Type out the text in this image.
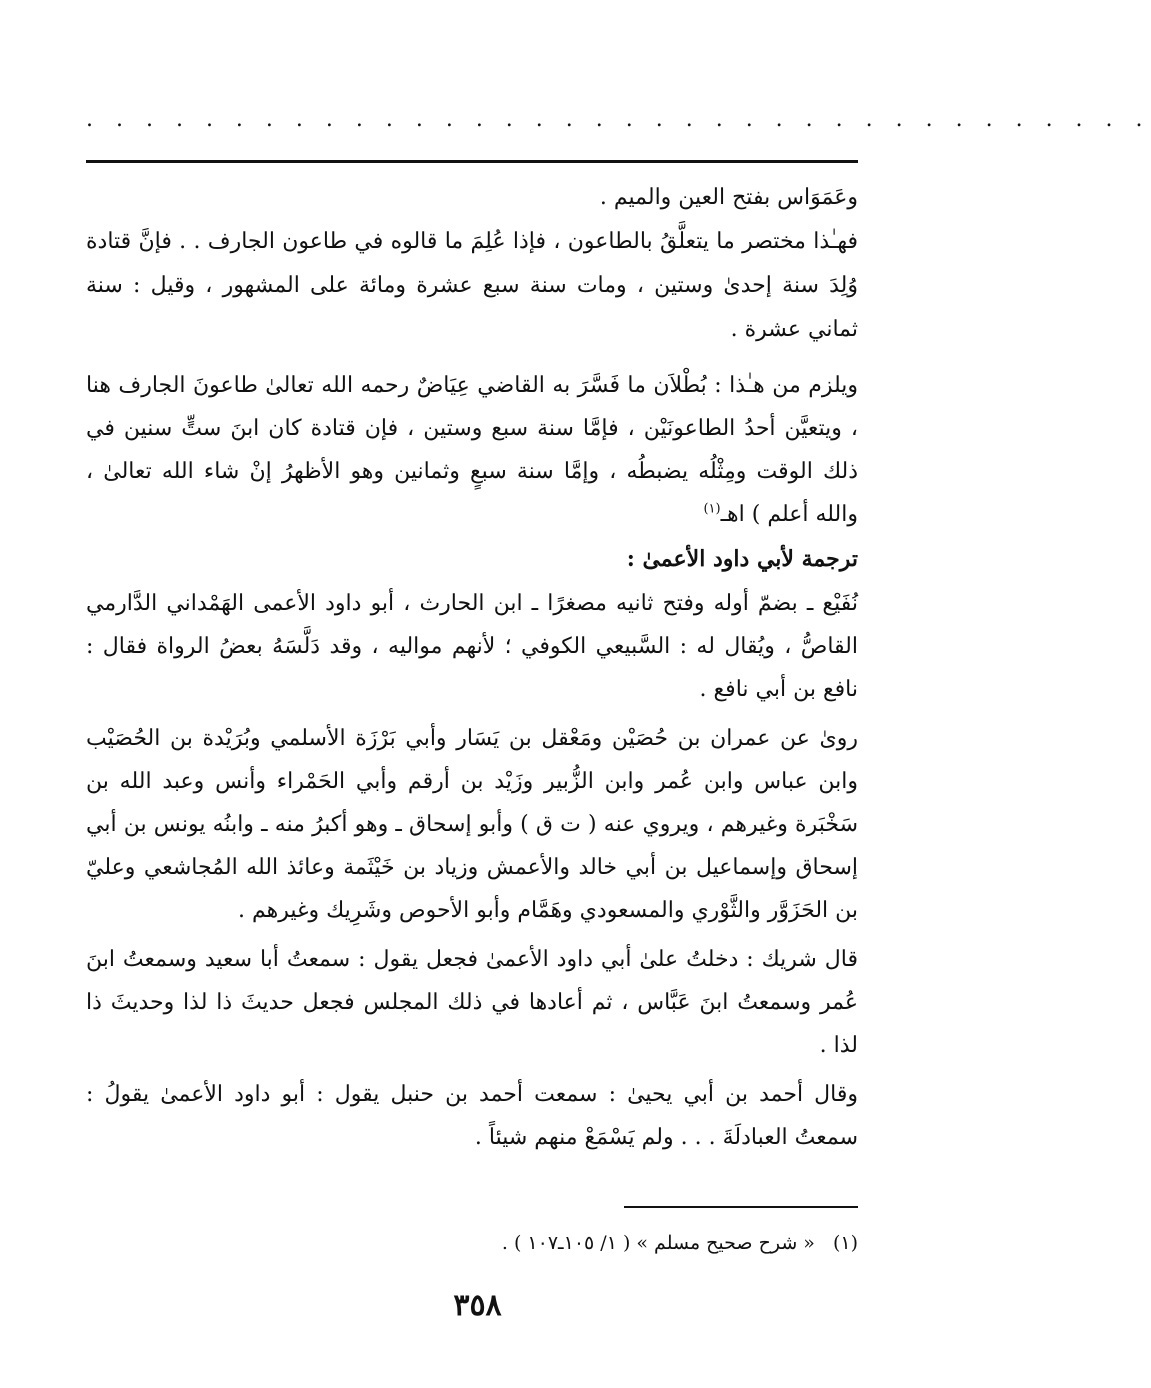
. . . . . . . . . . . . . . . . . . . . . . . . . . . . . . . . . . . .

وعَمَوَاس بفتح العين والميم .

فهـٰذا مختصر ما يتعلَّقُ بالطاعون ، فإذا عُلِمَ ما قالوه في طاعون الجارف . . فإنَّ قتادة وُلِدَ سنة إحدىٰ وستين ، ومات سنة سبع عشرة ومائة على المشهور ، وقيل : سنة ثماني عشرة .

ويلزم من هـٰذا : بُطْلاَن ما فَسَّرَ به القاضي عِيَاضٌ رحمه الله تعالىٰ طاعونَ الجارف هنا ، ويتعيَّن أحدُ الطاعونَيْن ، فإمَّا سنة سبع وستين ، فإن قتادة كان ابنَ ستٍّ سنين في ذلك الوقت ومِثْلُه يضبطُه ، وإمَّا سنة سبعٍ وثمانين وهو الأظهرُ إنْ شاء الله تعالىٰ ، والله أعلم ) اهـ$^{(١)}$

ترجمة لأبي داود الأعمىٰ :

نُفَيْع ـ بضمّ أوله وفتح ثانيه مصغرًا ـ ابن الحارث ، أبو داود الأعمى الهَمْداني الدَّارمي القاصُّ ، ويُقال له : السَّبيعي الكوفي ؛ لأنهم مواليه ، وقد دَلَّسَهُ بعضُ الرواة فقال : نافع بن أبي نافع .

روىٰ عن عمران بن حُصَيْن ومَعْقل بن يَسَار وأبي بَرْزَة الأسلمي وبُرَيْدة بن الحُصَيْب وابن عباس وابن عُمر وابن الزُّبير وزَيْد بن أرقم وأبي الحَمْراء وأنس وعبد الله بن سَخْبَرة وغيرهم ، ويروي عنه ( ت ق ) وأبو إسحاق ـ وهو أكبرُ منه ـ وابنُه يونس بن أبي إسحاق وإسماعيل بن أبي خالد والأعمش وزياد بن خَيْثَمة وعائذ الله المُجاشعي وعليّ بن الحَزَوَّر والثَّوْري والمسعودي وهَمَّام وأبو الأحوص وشَرِيك وغيرهم .

قال شريك : دخلتُ علىٰ أبي داود الأعمىٰ فجعل يقول : سمعتُ أبا سعيد وسمعتُ ابنَ عُمر وسمعتُ ابنَ عَبَّاس ، ثم أعادها في ذلك المجلس فجعل حديثَ ذا لذا وحديثَ ذا لذا .

وقال أحمد بن أبي يحيىٰ : سمعت أحمد بن حنبل يقول : أبو داود الأعمىٰ يقولُ : سمعتُ العبادلَةَ . . . ولم يَسْمَعْ منهم شيئاً .

(١)« شرح صحيح مسلم » ( ١/ ١٠٥ـ١٠٧ ) .
٣٥٨
